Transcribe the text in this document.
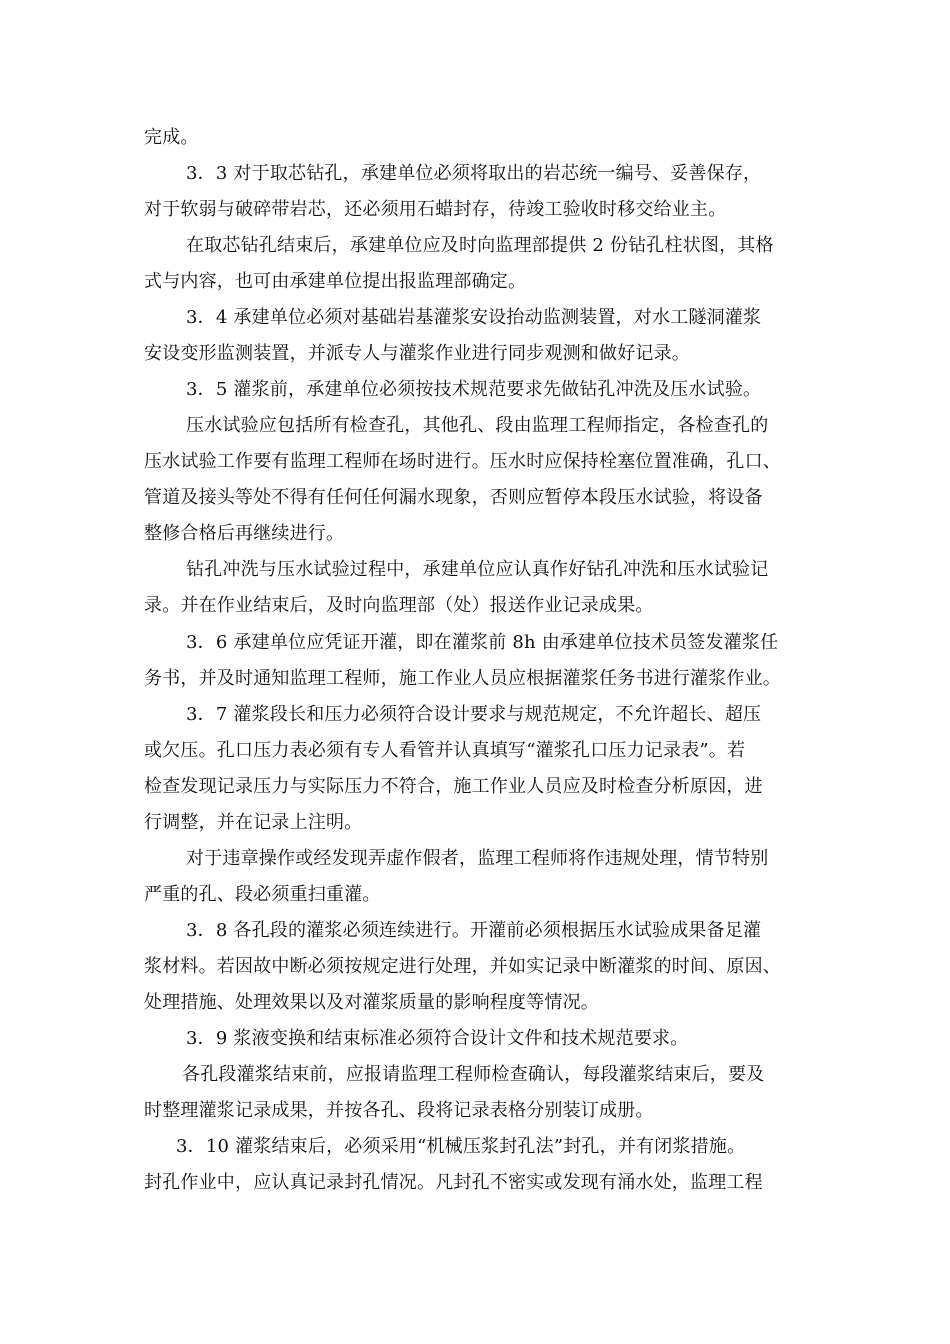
完成。
3．3 对于取芯钻孔，承建单位必须将取出的岩芯统一编号、妥善保存，
对于软弱与破碎带岩芯，还必须用石蜡封存，待竣工验收时移交给业主。
在取芯钻孔结束后，承建单位应及时向监理部提供 2 份钻孔柱状图，其格
式与内容，也可由承建单位提出报监理部确定。
3．4 承建单位必须对基础岩基灌浆安设抬动监测装置，对水工隧洞灌浆
安设变形监测装置，并派专人与灌浆作业进行同步观测和做好记录。
3．5 灌浆前，承建单位必须按技术规范要求先做钻孔冲洗及压水试验。
压水试验应包括所有检查孔，其他孔、段由监理工程师指定，各检查孔的
压水试验工作要有监理工程师在场时进行。压水时应保持栓塞位置准确，孔口、
管道及接头等处不得有任何任何漏水现象，否则应暂停本段压水试验，将设备
整修合格后再继续进行。
钻孔冲洗与压水试验过程中，承建单位应认真作好钻孔冲洗和压水试验记
录。并在作业结束后，及时向监理部（处）报送作业记录成果。
3．6 承建单位应凭证开灌，即在灌浆前 8h 由承建单位技术员签发灌浆任
务书，并及时通知监理工程师，施工作业人员应根据灌浆任务书进行灌浆作业。
3．7 灌浆段长和压力必须符合设计要求与规范规定，不允许超长、超压
或欠压。孔口压力表必须有专人看管并认真填写“灌浆孔口压力记录表”。若
检查发现记录压力与实际压力不符合，施工作业人员应及时检查分析原因，进
行调整，并在记录上注明。
对于违章操作或经发现弄虚作假者，监理工程师将作违规处理，情节特别
严重的孔、段必须重扫重灌。
3．8 各孔段的灌浆必须连续进行。开灌前必须根据压水试验成果备足灌
浆材料。若因故中断必须按规定进行处理，并如实记录中断灌浆的时间、原因、
处理措施、处理效果以及对灌浆质量的影响程度等情况。
3．9 浆液变换和结束标准必须符合设计文件和技术规范要求。
各孔段灌浆结束前，应报请监理工程师检查确认，每段灌浆结束后，要及
时整理灌浆记录成果，并按各孔、段将记录表格分别装订成册。
3．10 灌浆结束后，必须采用“机械压浆封孔法”封孔，并有闭浆措施。
封孔作业中，应认真记录封孔情况。凡封孔不密实或发现有涌水处，监理工程
